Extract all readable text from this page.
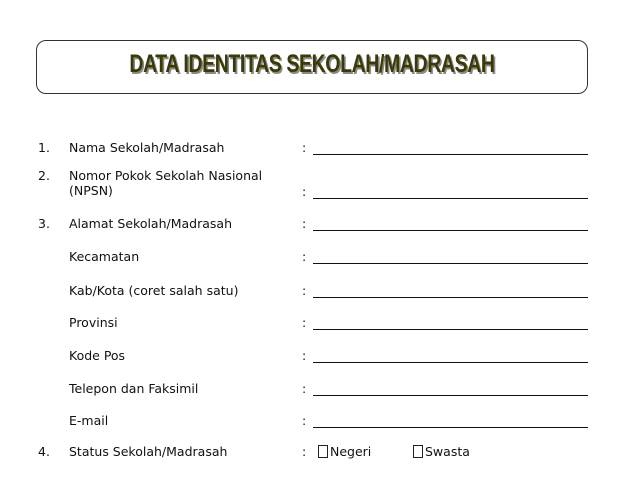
DATA IDENTITAS SEKOLAH/MADRASAH
1. Nama Sekolah/Madrasah	:
2. Nomor Pokok Sekolah Nasional
(NPSN)	:
3. Alamat Sekolah/Madrasah	:
Kecamatan	:
Kab/Kota (coret salah satu)	:
Provinsi	:
Kode Pos	:
Telepon dan Faksimil	:
E-mail	:
4. Status Sekolah/Madrasah	: Negeri	Swasta
